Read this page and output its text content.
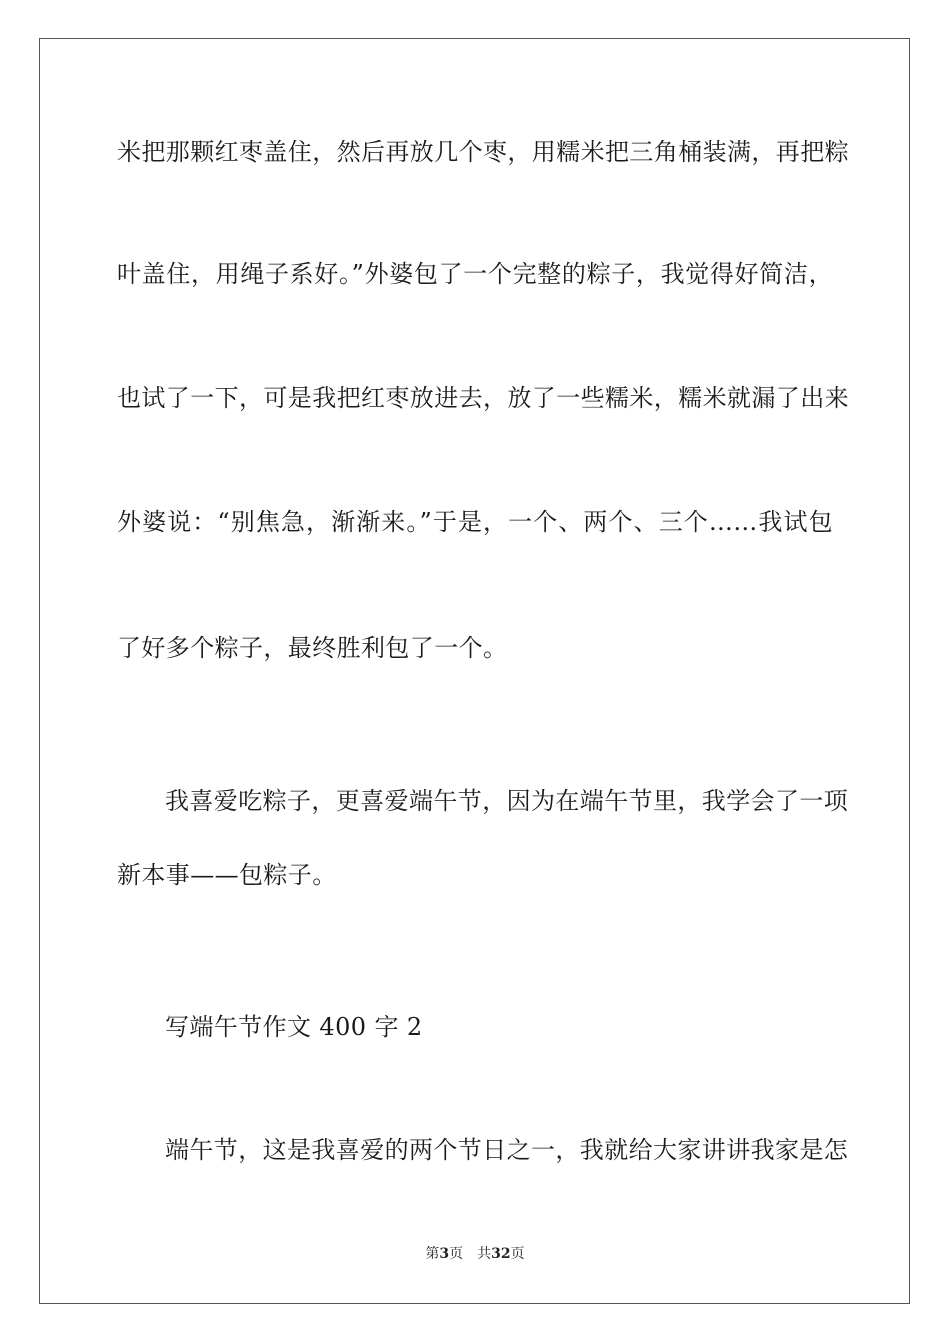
米把那颗红枣盖住，然后再放几个枣，用糯米把三角桶装满，再把粽
叶盖住，用绳子系好。”外婆包了一个完整的粽子，我觉得好简洁，
也试了一下，可是我把红枣放进去，放了一些糯米，糯米就漏了出来
外婆说：“别焦急，渐渐来。”于是，一个、两个、三个……我试包
了好多个粽子，最终胜利包了一个。
我喜爱吃粽子，更喜爱端午节，因为在端午节里，我学会了一项
新本事——包粽子。
写端午节作文 400 字 2
端午节，这是我喜爱的两个节日之一，我就给大家讲讲我家是怎
第3页 共32页
